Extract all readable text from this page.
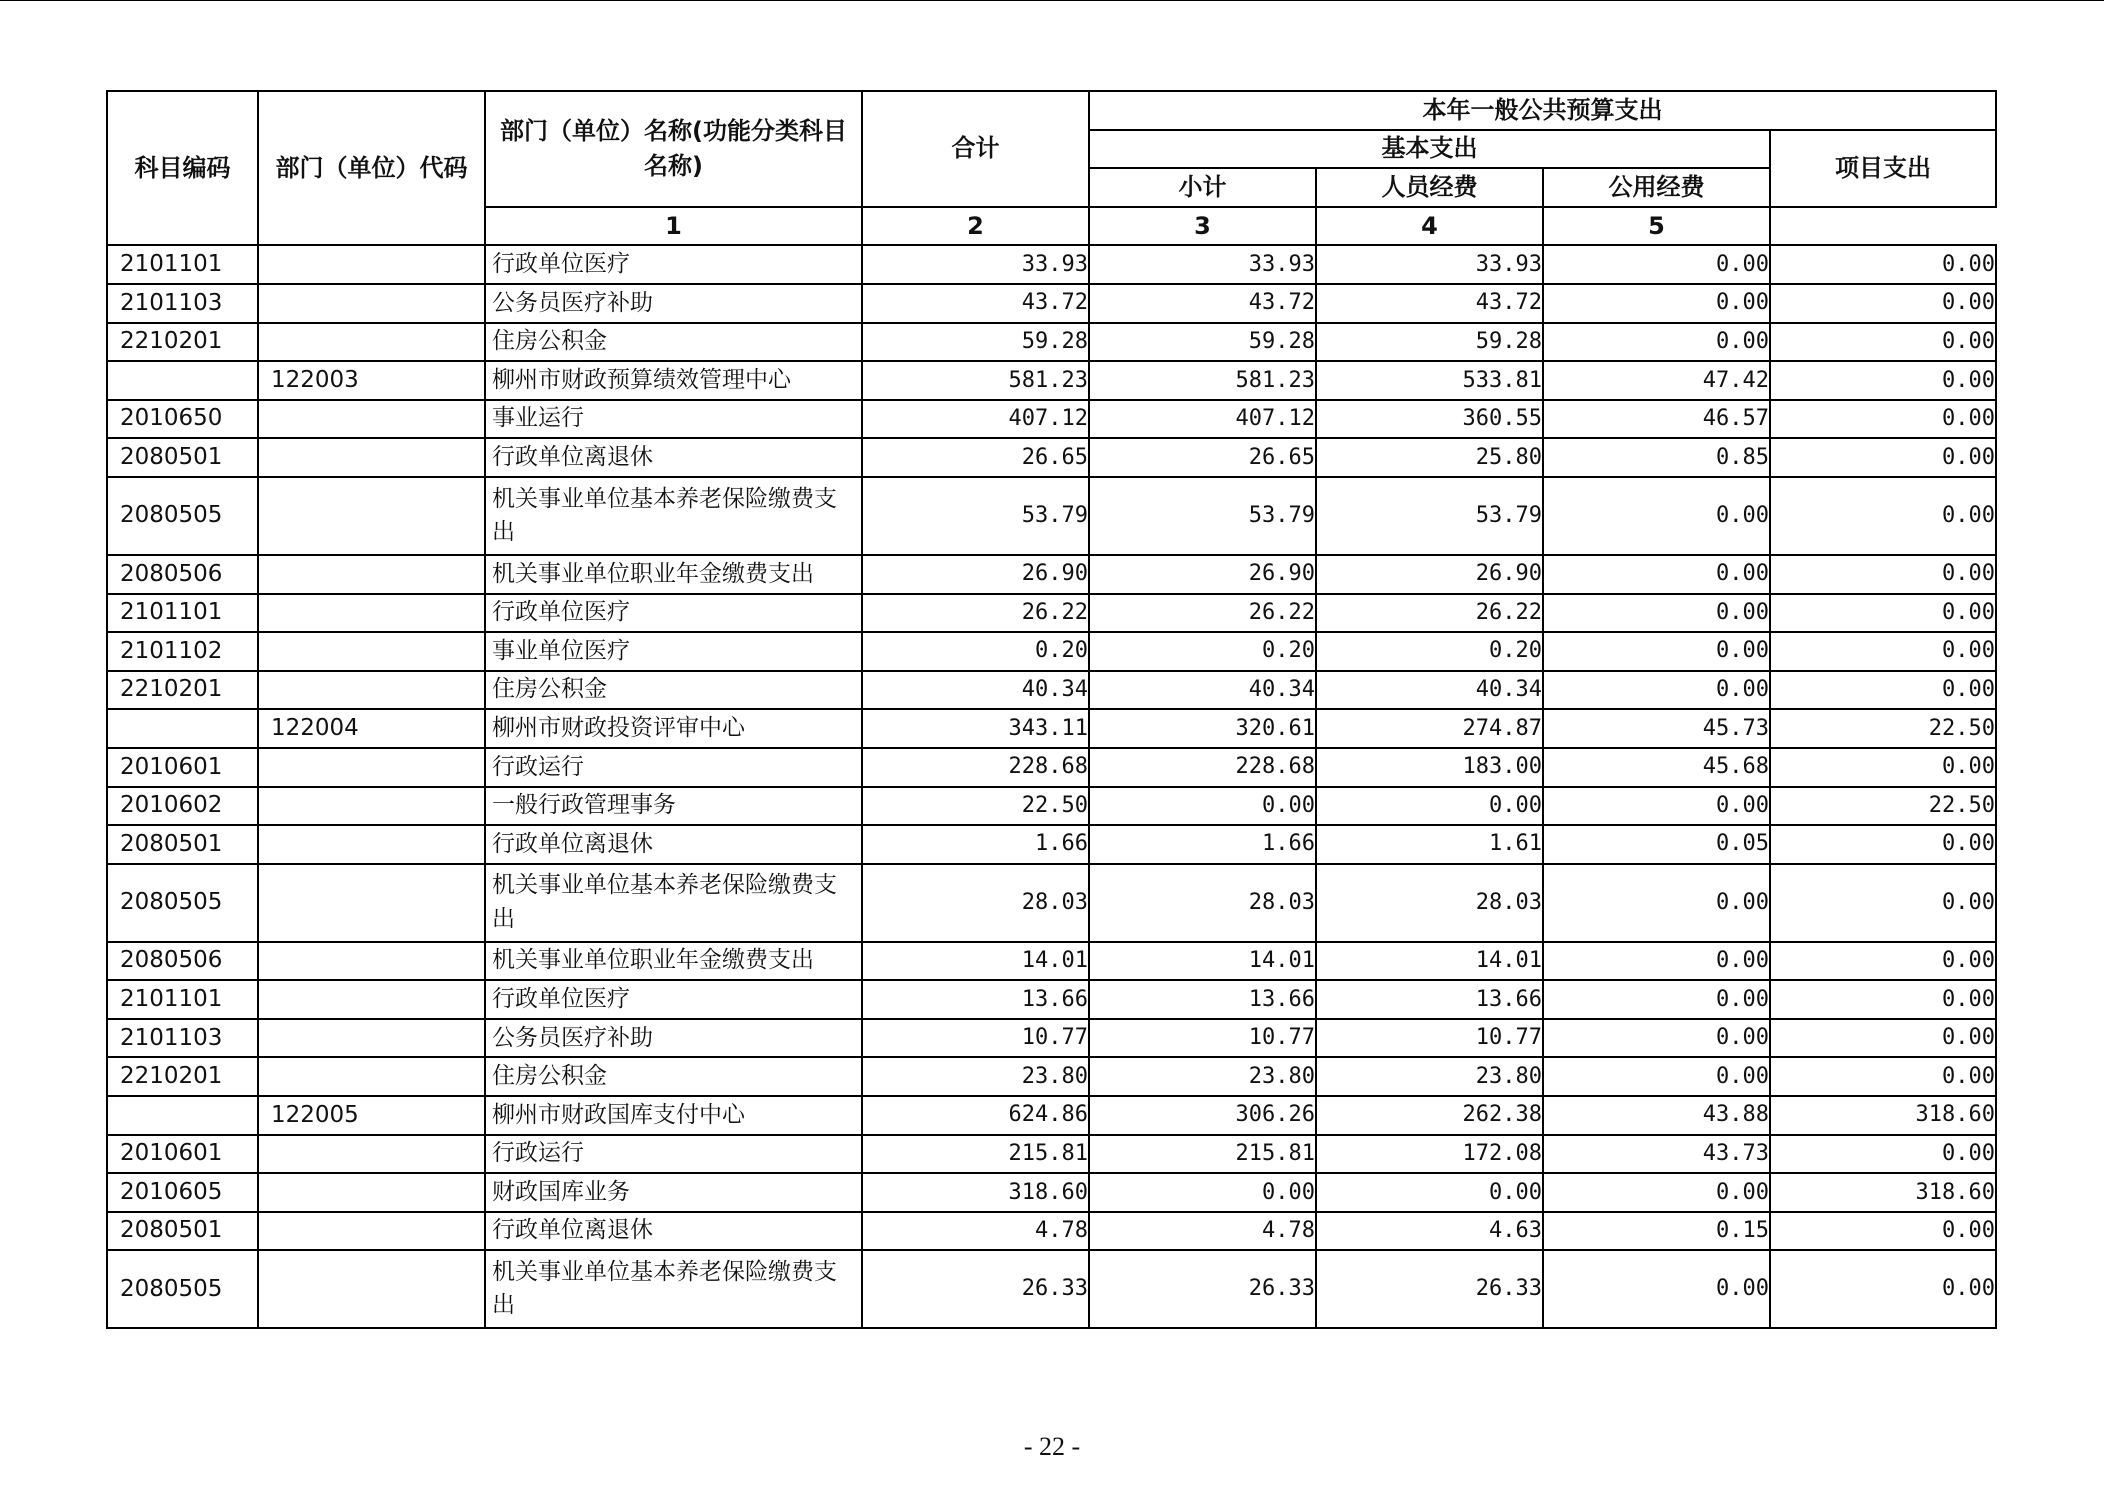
科目编码	部门（单位）代码	部门（单位）名称(功能分类科目名称)	合计	本年一般公共预算支出			
				基本支出			项目支出
				小计	人员经费	公用经费	
		1	2	3	4	5	
2101101		行政单位医疗	33.93	33.93	33.93	0.00	0.00
2101103		公务员医疗补助	43.72	43.72	43.72	0.00	0.00
2210201		住房公积金	59.28	59.28	59.28	0.00	0.00
	122003	柳州市财政预算绩效管理中心	581.23	581.23	533.81	47.42	0.00
2010650		事业运行	407.12	407.12	360.55	46.57	0.00
2080501		行政单位离退休	26.65	26.65	25.80	0.85	0.00
2080505		机关事业单位基本养老保险缴费支出	53.79	53.79	53.79	0.00	0.00
2080506		机关事业单位职业年金缴费支出	26.90	26.90	26.90	0.00	0.00
2101101		行政单位医疗	26.22	26.22	26.22	0.00	0.00
2101102		事业单位医疗	0.20	0.20	0.20	0.00	0.00
2210201		住房公积金	40.34	40.34	40.34	0.00	0.00
	122004	柳州市财政投资评审中心	343.11	320.61	274.87	45.73	22.50
2010601		行政运行	228.68	228.68	183.00	45.68	0.00
2010602		一般行政管理事务	22.50	0.00	0.00	0.00	22.50
2080501		行政单位离退休	1.66	1.66	1.61	0.05	0.00
2080505		机关事业单位基本养老保险缴费支出	28.03	28.03	28.03	0.00	0.00
2080506		机关事业单位职业年金缴费支出	14.01	14.01	14.01	0.00	0.00
2101101		行政单位医疗	13.66	13.66	13.66	0.00	0.00
2101103		公务员医疗补助	10.77	10.77	10.77	0.00	0.00
2210201		住房公积金	23.80	23.80	23.80	0.00	0.00
	122005	柳州市财政国库支付中心	624.86	306.26	262.38	43.88	318.60
2010601		行政运行	215.81	215.81	172.08	43.73	0.00
2010605		财政国库业务	318.60	0.00	0.00	0.00	318.60
2080501		行政单位离退休	4.78	4.78	4.63	0.15	0.00
2080505		机关事业单位基本养老保险缴费支出	26.33	26.33	26.33	0.00	0.00
- 22 -
